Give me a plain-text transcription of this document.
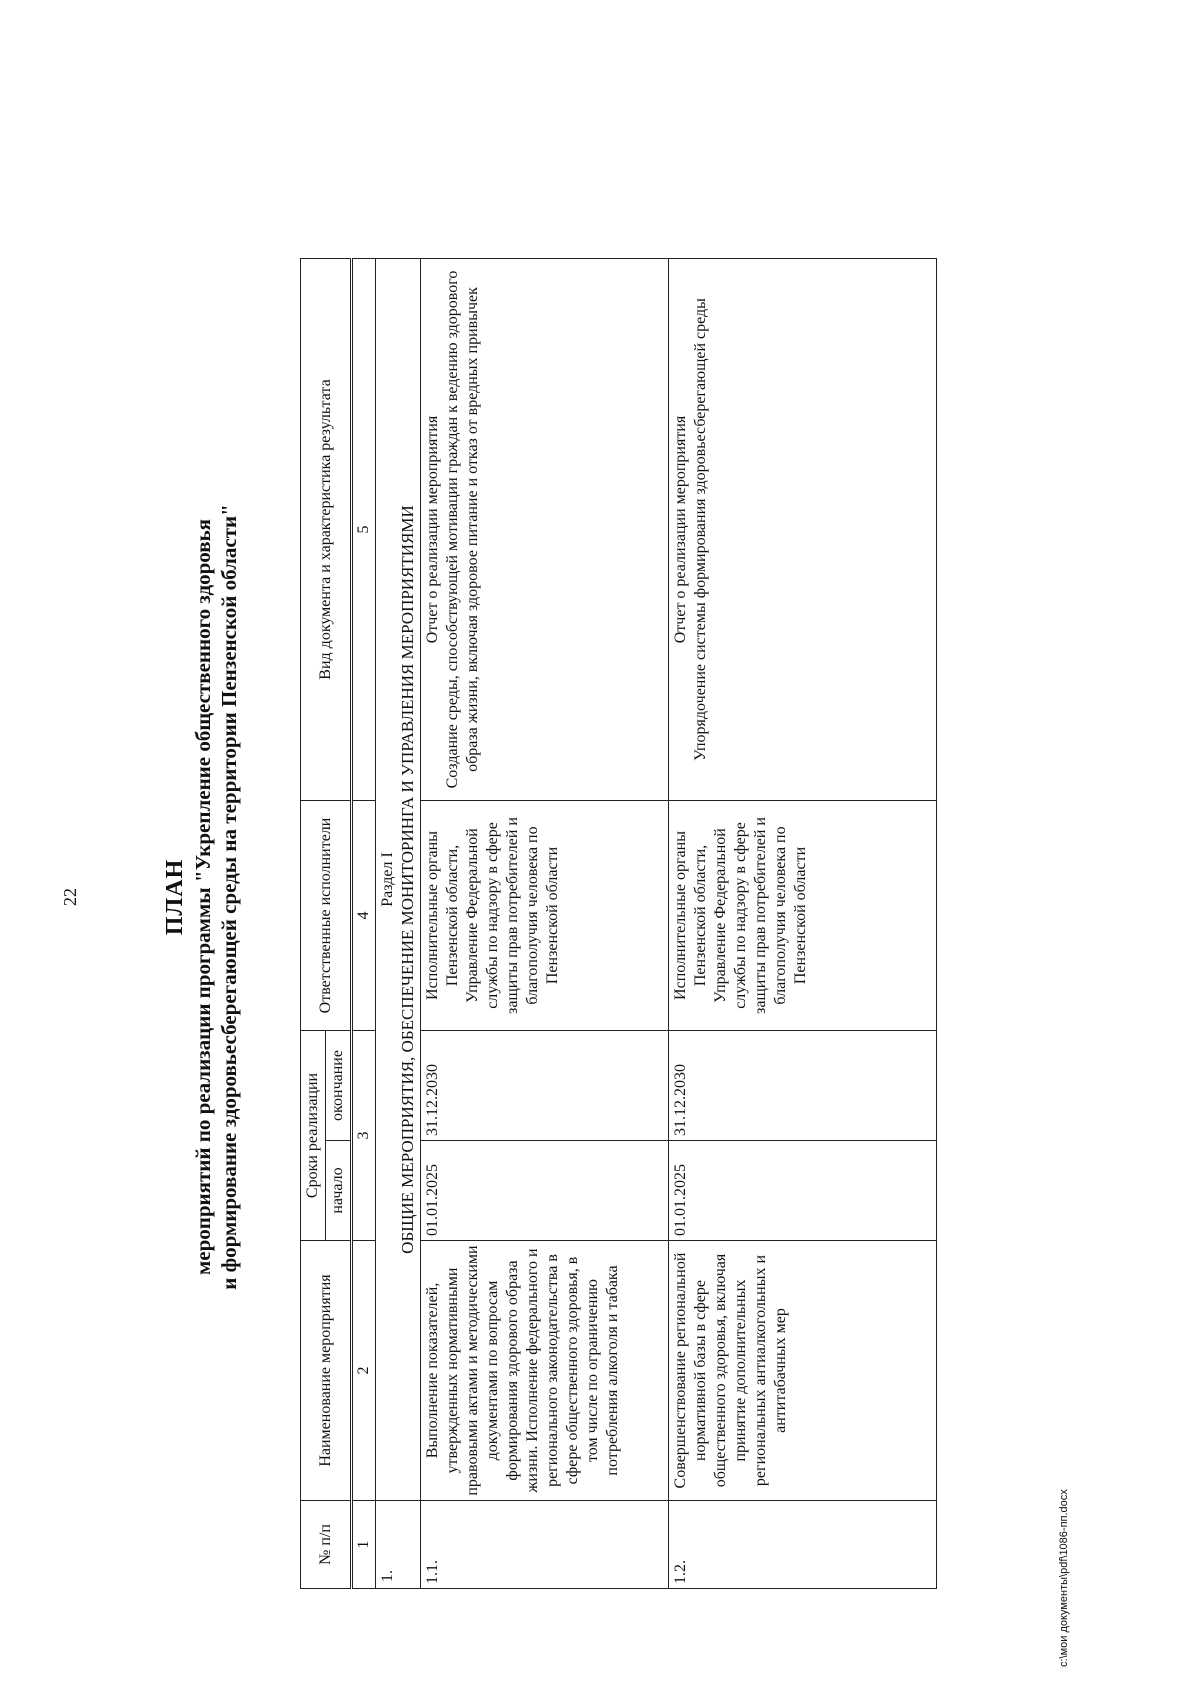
22	ПЛАН мероприятий по реализации программы "Укрепление общественного здоровья и формирование здоровьесберегающей среды на территории Пензенской области"
№ п/п	Наименование мероприятия	Сроки реализации		Ответственные исполнители	Вид документа и характеристика результата
		начало	окончание		
1	2	3		4	5
1.	Раздел I ОБЩИЕ МЕРОПРИЯТИЯ, ОБЕСПЕЧЕНИЕ МОНИТОРИНГА И УПРАВЛЕНИЯ МЕРОПРИЯТИЯМИ				

1.1.	Выполнение показателей, утвержденных нормативными правовыми актами и методическими документами по вопросам формирования здорового образа жизни. Исполнение федерального и регионального законодательства в сфере общественного здоровья, в том числе по ограничению потребления алкоголя и табака	01.01.2025	31.12.2030	Исполнительные органы Пензенской области, Управление Федеральной службы по надзору в сфере защиты прав потребителей и благополучия человека по Пензенской области	Отчет о реализации мероприятия Создание среды, способствующей мотивации граждан к ведению здорового образа жизни, включая здоровое питание и отказ от вредных привычек

1.2.	Совершенствование региональной нормативной базы в сфере общественного здоровья, включая принятие дополнительных региональных антиалкогольных и антитабачных мер	01.01.2025	31.12.2030	Исполнительные органы Пензенской области, Управление Федеральной службы по надзору в сфере защиты прав потребителей и благополучия человека по Пензенской области	Отчет о реализации мероприятия Упорядочение системы формирования здоровьесберегающей среды
c:\мои документы\pdf\1086-пп.docx
